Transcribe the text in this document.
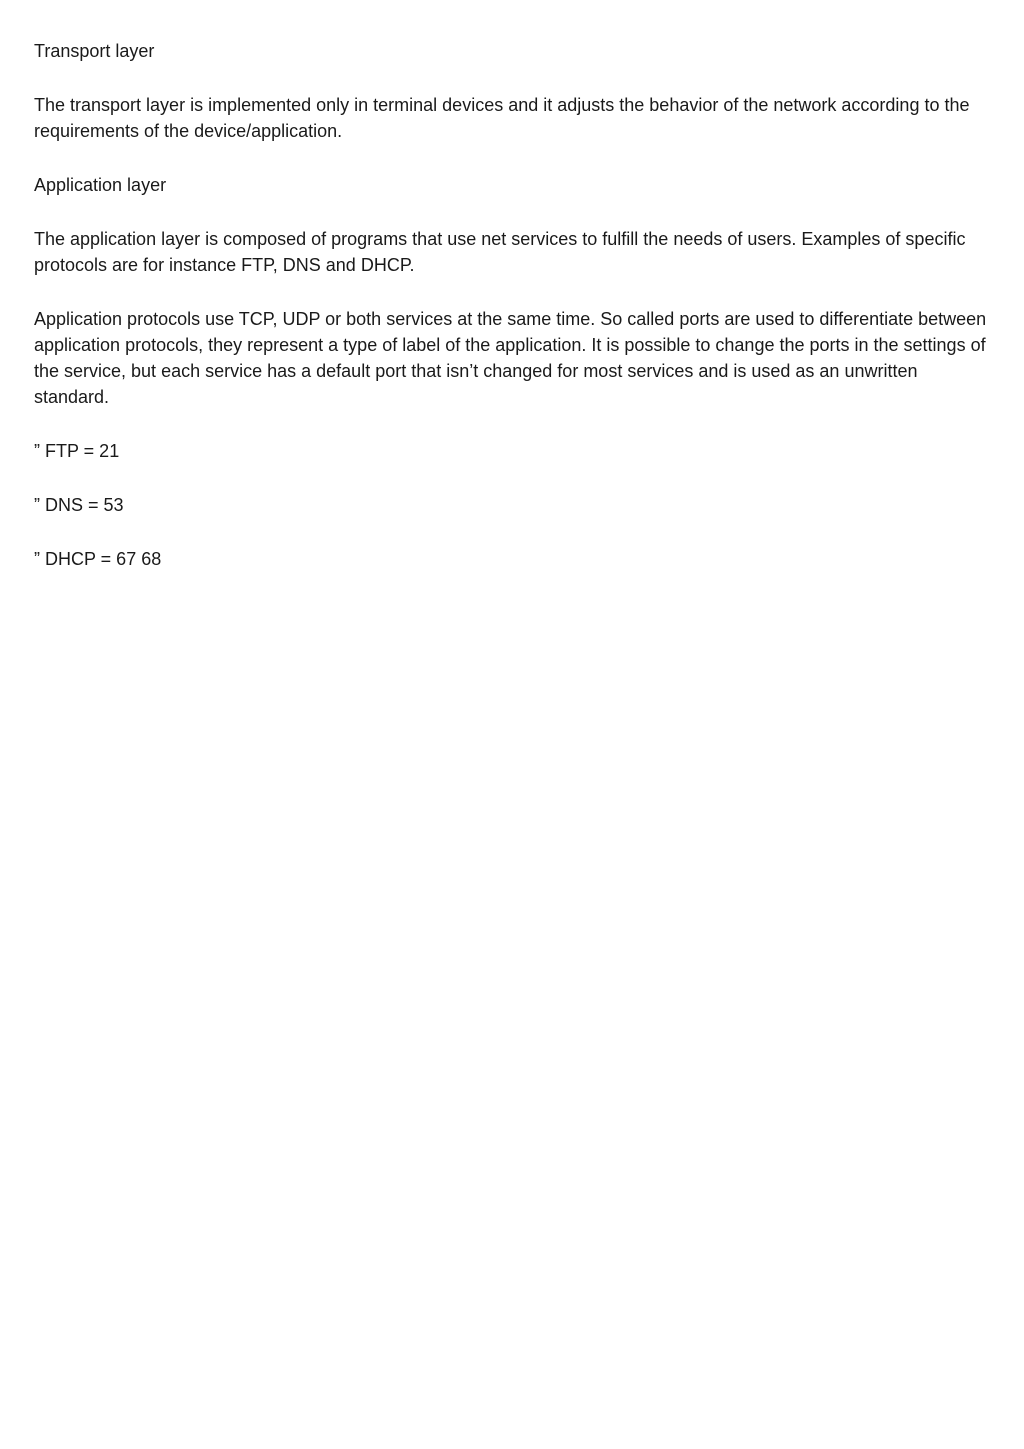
Transport layer

The transport layer is implemented only in terminal devices and it adjusts the behavior of the network according to the requirements of the device/application.

Application layer

The application layer is composed of programs that use net services to fulfill the needs of users. Examples of specific protocols are for instance FTP, DNS and DHCP.

Application protocols use TCP, UDP or both services at the same time. So called ports are used to differentiate between application protocols, they represent a type of label of the application. It is possible to change the ports in the settings of the service, but each service has a default port that isn’t changed for most services and is used as an unwritten standard.

” FTP = 21

” DNS = 53

” DHCP = 67 68
